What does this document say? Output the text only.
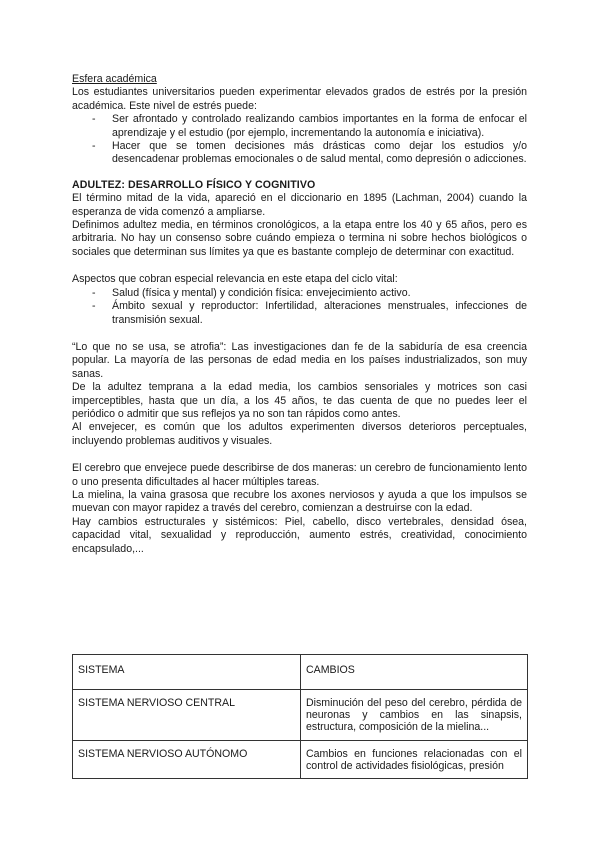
Esfera académica

Los estudiantes universitarios pueden experimentar elevados grados de estrés por la presión académica. Este nivel de estrés puede:

- Ser afrontado y controlado realizando cambios importantes en la forma de enfocar el aprendizaje y el estudio (por ejemplo, incrementando la autonomía e iniciativa).
- Hacer que se tomen decisiones más drásticas como dejar los estudios y/o desencadenar problemas emocionales o de salud mental, como depresión o adicciones.
ADULTEZ: DESARROLLO FÍSICO Y COGNITIVO

El término mitad de la vida, apareció en el diccionario en 1895 (Lachman, 2004) cuando la esperanza de vida comenzó a ampliarse.

Definimos adultez media, en términos cronológicos, a la etapa entre los 40 y 65 años, pero es arbitraria. No hay un consenso sobre cuándo empieza o termina ni sobre hechos biológicos o sociales que determinan sus límites ya que es bastante complejo de determinar con exactitud.

Aspectos que cobran especial relevancia en este etapa del ciclo vital:

- Salud (física y mental) y condición física: envejecimiento activo.
- Ámbito sexual y reproductor: Infertilidad, alteraciones menstruales, infecciones de transmisión sexual.

“Lo que no se usa, se atrofia”: Las investigaciones dan fe de la sabiduría de esa creencia popular. La mayoría de las personas de edad media en los países industrializados, son muy sanas.

De la adultez temprana a la edad media, los cambios sensoriales y motrices son casi imperceptibles, hasta que un día, a los 45 años, te das cuenta de que no puedes leer el periódico o admitir que sus reflejos ya no son tan rápidos como antes.

Al envejecer, es común que los adultos experimenten diversos deterioros perceptuales, incluyendo problemas auditivos y visuales.

El cerebro que envejece puede describirse de dos maneras: un cerebro de funcionamiento lento o uno presenta dificultades al hacer múltiples tareas.

La mielina, la vaina grasosa que recubre los axones nerviosos y ayuda a que los impulsos se muevan con mayor rapidez a través del cerebro, comienzan a destruirse con la edad.

Hay cambios estructurales y sistémicos: Piel, cabello, disco vertebrales, densidad ósea, capacidad vital, sexualidad y reproducción, aumento estrés, creatividad, conocimiento encapsulado,...

SISTEMA	CAMBIOS
SISTEMA NERVIOSO CENTRAL	Disminución del peso del cerebro, pérdida de neuronas y cambios en las sinapsis, estructura, composición de la mielina...
SISTEMA NERVIOSO AUTÓNOMO	Cambios en funciones relacionadas con el control de actividades fisiológicas, presión
